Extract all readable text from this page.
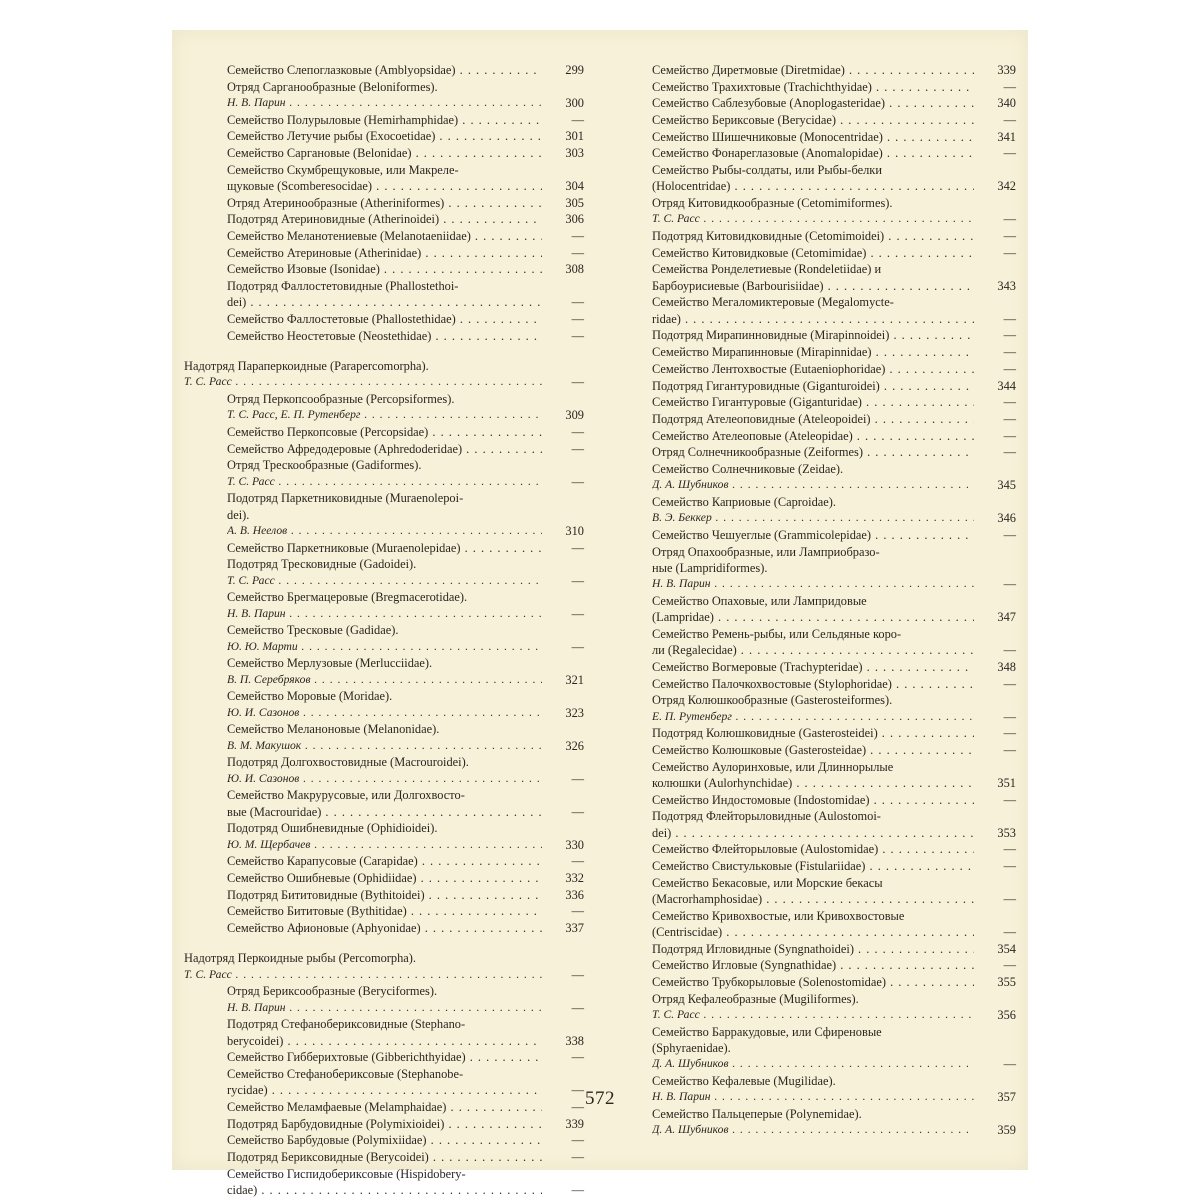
Семейство Слепоглазковые (Amblyopsidae) . . .	299
Отряд Сарганообразные (Beloniformes).
Н. В. Парин . . .	300
Семейство Полурыловые (Hemirhamphidae) . . .	—
Семейство Летучие рыбы (Exocoetidae) . . .	301
Семейство Саргановые (Belonidae) . . .	303
Семейство Скумбрещуковые, или Макреле-
щуковые (Scomberesocidae) . . .	304
Отряд Атеринообразные (Atheriniformes) . . .	305
Подотряд Атериновидные (Atherinoidei) . . .	306
Семейство Меланотениевые (Melanotaeniidae) . . .	—
Семейство Атериновые (Atherinidae) . . .	—
Семейство Изовые (Isonidae) . . .	308
Подотряд Фаллостетовидные (Phallostethoi-
dei) . . .	—
Семейство Фаллостетовые (Phallostethidae) . . .	—
Семейство Неостетовые (Neostethidae) . . .	—
Надотряд Параперкоидные (Parapercomorpha).
Т. С. Расс . . .	—
Отряд Перкопсообразные (Percopsiformes).
Т. С. Расс, Е. П. Рутенберг . . .	309
Семейство Перкопсовые (Percopsidae) . . .	—
Семейство Афредодеровые (Aphredoderidae) . . .	—
Отряд Трескообразные (Gadiformes).
Т. С. Расс . . .	—
Подотряд Паркетниковидные (Muraenolepoi-
dei).
А. В. Неелов . . .	310
Семейство Паркетниковые (Muraenolepidae) . . .	—
Подотряд Тресковидные (Gadoidei).
Т. С. Расс . . .	—
Семейство Брегмацеровые (Bregmacerotidae).
Н. В. Парин . . .	—
Семейство Тресковые (Gadidae).
Ю. Ю. Марти . . .	—
Семейство Мерлузовые (Merlucciidae).
В. П. Серебряков . . .	321
Семейство Моровые (Moridae).
Ю. И. Сазонов . . .	323
Семейство Меланоновые (Melanonidae).
В. М. Макушок . . .	326
Подотряд Долгохвостовидные (Macrouroidei).
Ю. И. Сазонов . . .	—
Семейство Макрурусовые, или Долгохвосто-
вые (Macrouridae) . . .	—
Подотряд Ошибневидные (Ophidioidei).
Ю. М. Щербачев . . .	330
Семейство Карапусовые (Carapidae) . . .	—
Семейство Ошибневые (Ophidiidae) . . .	332
Подотряд Бититовидные (Bythitoidei) . . .	336
Семейство Бититовые (Bythitidae) . . .	—
Семейство Афионовые (Aphyonidae) . . .	337
Надотряд Перкоидные рыбы (Percomorpha).
Т. С. Расс . . .	—
Отряд Бериксообразные (Beryciformes).
Н. В. Парин . . .	—
Подотряд Стефанобериксовидные (Stephano-
berycoidei) . . .	338
Семейство Гиббериxтовые (Gibberichthyidae) . . .	—
Семейство Стефанобериксовые (Stephanobe-
rycidae) . . .	—
Семейство Меламфаевые (Melamphaidae) . . .	—
Подотряд Барбудовидные (Polymixioidei) . . .	339
Семейство Барбудовые (Polymixiidae) . . .	—
Подотряд Бериксовидные (Berycoidei) . . .	—
Семейство Гиспидобериксовые (Hispidobery-
cidae) . . .	—
Семейство Диретмовые (Diretmidae) . . .	339
Семейство Трахихтовые (Trachichthyidae) . . .	—
Семейство Саблезубовые (Anoplogasteridae) . . .	340
Семейство Бериксовые (Berycidae) . . .	—
Семейство Шишечниковые (Monocentridae) . . .	341
Семейство Фонареглазовые (Anomalopidae) . . .	—
Семейство Рыбы-солдаты, или Рыбы-белки
(Holocentridae) . . .	342
Отряд Китовидкообразные (Cetomimiformes).
Т. С. Расс . . .	—
Подотряд Китовидковидные (Cetomimoidei) . . .	—
Семейство Китовидковые (Cetomimidae) . . .	—
Семейства Ронделетиевые (Rondeletiidae) и
Барбоурисиевые (Barbourisiidae) . . .	343
Семейство Мегаломиктеровые (Megalomycte-
ridae) . . .	—
Подотряд Мирапинновидные (Mirapinnoidei) . . .	—
Семейство Мирапинновые (Mirapinnidae) . . .	—
Семейство Лентохвостые (Eutaeniophoridae) . . .	—
Подотряд Гигантуровидные (Giganturoidei) . . .	344
Семейство Гигантуровые (Giganturidae) . . .	—
Подотряд Ателеоповидные (Ateleopoidei) . . .	—
Семейство Ателеоповые (Ateleopidae) . . .	—
Отряд Солнечникообразные (Zeiformes) . . .	—
Семейство Солнечниковые (Zeidae).
Д. А. Шубников . . .	345
Семейство Каприовые (Caproidae).
В. Э. Беккер . . .	346
Семейство Чешуеглые (Grammicolepidae) . . .	—
Отряд Опахообразные, или Ламприобразо-
ные (Lampridiformes).
Н. В. Парин . . .	—
Семейство Опаховые, или Лампридовые
(Lampridae) . . .	347
Семейство Ремень-рыбы, или Сельдяные коро-
ли (Regalecidae) . . .	—
Семейство Вогмеровые (Trachypteridae) . . .	348
Семейство Палочкохвостовые (Stylophoridae) . . .	—
Отряд Колюшкообразные (Gasterosteiformes).
Е. П. Рутенберг . . .	—
Подотряд Колюшковидные (Gasterosteidei) . . .	—
Семейство Колюшковые (Gasterosteidae) . . .	—
Семейство Аулоринховые, или Длиннорылые
колюшки (Aulorhynchidae) . . .	351
Семейство Индостомовые (Indostomidae) . . .	—
Подотряд Флейторыловидные (Aulostomoi-
dei) . . .	353
Семейство Флейторыловые (Aulostomidae) . . .	—
Семейство Свистульковые (Fistulariidae) . . .	—
Семейство Бекасовые, или Морские бекасы
(Macrorhamphosidae) . . .	—
Семейство Кривохвостые, или Кривохвостовые
(Centriscidae) . . .	—
Подотряд Игловидные (Syngnathoidei) . . .	354
Семейство Игловые (Syngnathidae) . . .	—
Семейство Трубкорыловые (Solenostomidae) . . .	355
Отряд Кефалеобразные (Mugiliformes).
Т. С. Расс . . .	356
Семейство Барракудовые, или Сфиреновые
(Sphyraenidae).
Д. А. Шубников . . .	—
Семейство Кефалевые (Mugilidae).
Н. В. Парин . . .	357
Семейство Пальцеперые (Polynemidae).
Д. А. Шубников . . .	359
572
